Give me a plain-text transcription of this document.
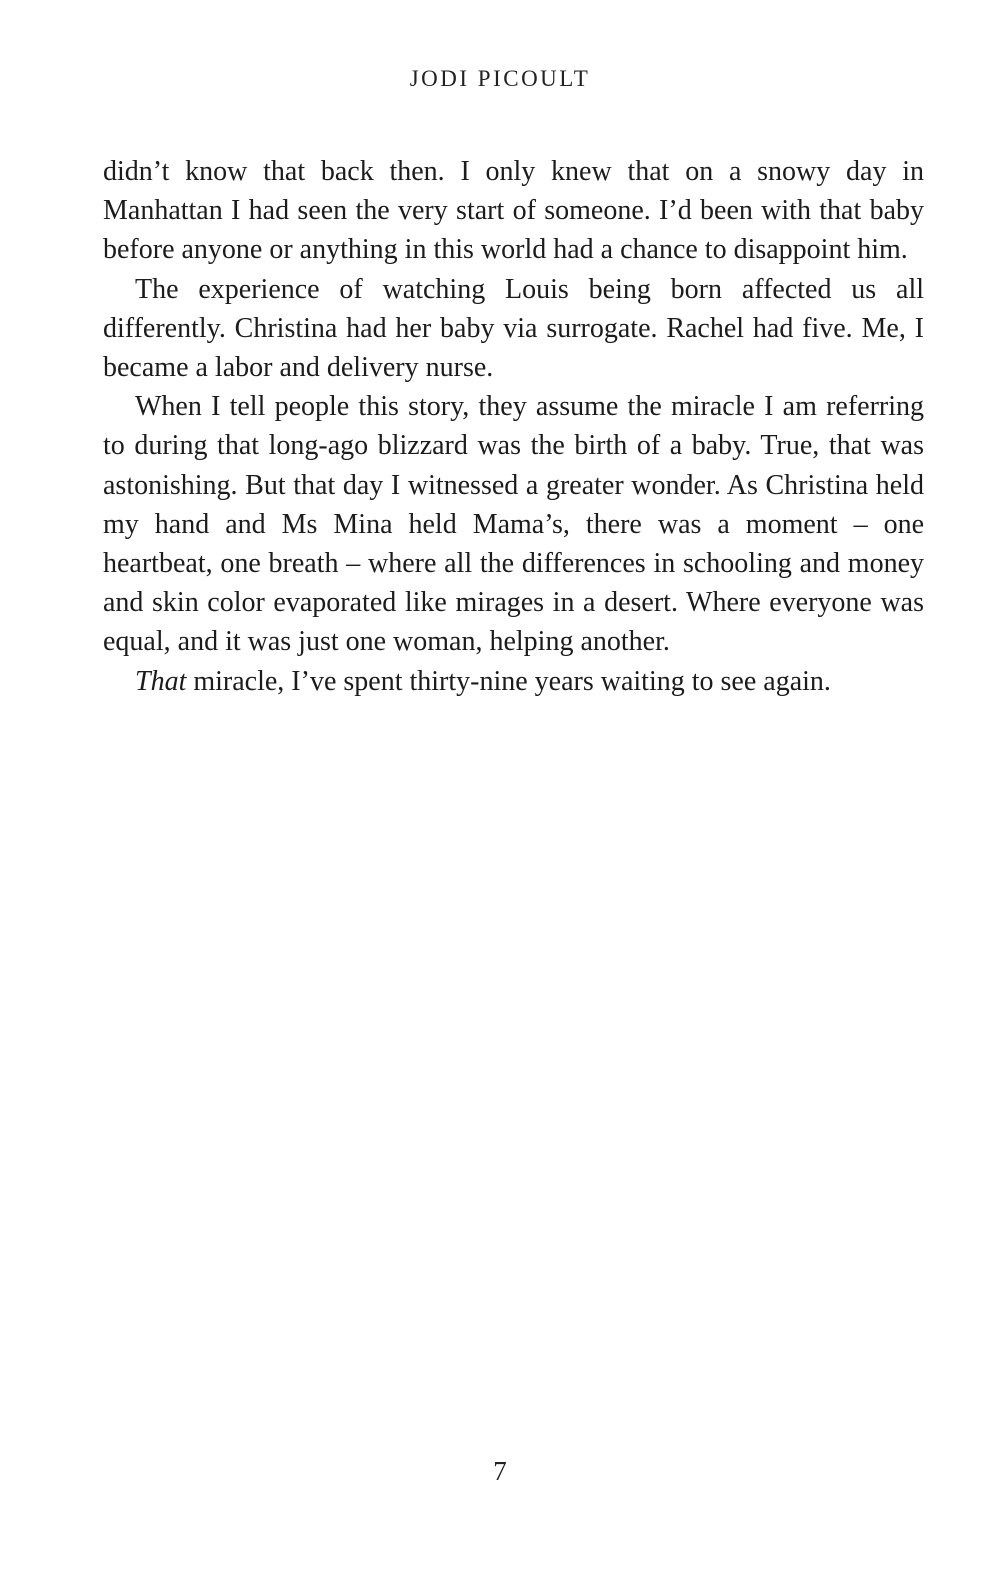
JODI PICOULT

didn’t know that back then. I only knew that on a snowy day in Manhattan I had seen the very start of someone. I’d been with that baby before anyone or anything in this world had a chance to disappoint him.

The experience of watching Louis being born affected us all differently. Christina had her baby via surrogate. Rachel had five. Me, I became a labor and delivery nurse.

When I tell people this story, they assume the miracle I am referring to during that long-ago blizzard was the birth of a baby. True, that was astonishing. But that day I witnessed a greater wonder. As Christina held my hand and Ms Mina held Mama’s, there was a moment – one heartbeat, one breath – where all the differences in schooling and money and skin color evaporated like mirages in a desert. Where everyone was equal, and it was just one woman, helping another.

That miracle, I’ve spent thirty-nine years waiting to see again.

7
